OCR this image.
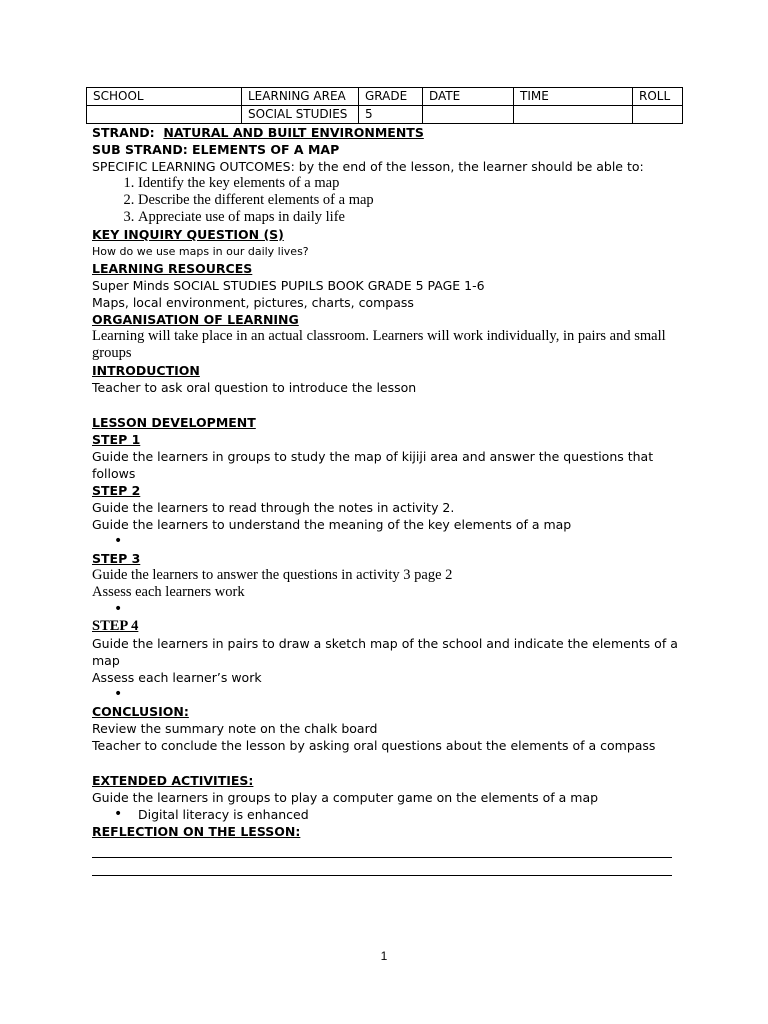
SCHOOL	LEARNING AREA	GRADE	DATE	TIME	ROLL
	SOCIAL STUDIES	5			

STRAND: NATURAL AND BUILT ENVIRONMENTS

SUB STRAND: ELEMENTS OF A MAP

SPECIFIC LEARNING OUTCOMES: by the end of the lesson, the learner should be able to:

1. Identify the key elements of a map
2. Describe the different elements of a map
3. Appreciate use of maps in daily life

KEY INQUIRY QUESTION (S)

How do we use maps in our daily lives?

LEARNING RESOURCES

Super Minds SOCIAL STUDIES PUPILS BOOK GRADE 5 PAGE 1-6

Maps, local environment, pictures, charts, compass

ORGANISATION OF LEARNING

Learning will take place in an actual classroom. Learners will work individually, in pairs and small groups

INTRODUCTION

Teacher to ask oral question to introduce the lesson

LESSON DEVELOPMENT

STEP 1

Guide the learners in groups to study the map of kijiji area and answer the questions that follows

STEP 2

Guide the learners to read through the notes in activity 2.

Guide the learners to understand the meaning of the key elements of a map

•

STEP 3

Guide the learners to answer the questions in activity 3 page 2

Assess each learners work

•

STEP 4

Guide the learners in pairs to draw a sketch map of the school and indicate the elements of a map

Assess each learner’s work

•

CONCLUSION:

Review the summary note on the chalk board

Teacher to conclude the lesson by asking oral questions about the elements of a compass

EXTENDED ACTIVITIES:

Guide the learners in groups to play a computer game on the elements of a map

• Digital literacy is enhanced

REFLECTION ON THE LESSON:

1
